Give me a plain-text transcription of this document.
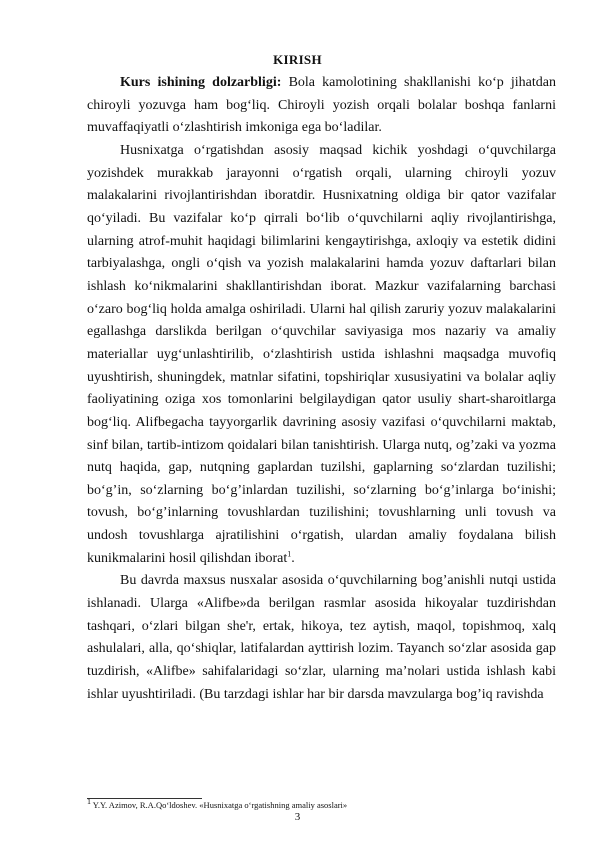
KIRISH

Kurs ishining dolzarbligi: Bola kamolotining shakllanishi ko‘p jihatdan chiroyli yozuvga ham bog‘liq. Chiroyli yozish orqali bolalar boshqa fanlarni muvaffaqiyatli o‘zlashtirish imkoniga ega bo‘ladilar.

Husnixatga o‘rgatishdan asosiy maqsad kichik yoshdagi o‘quvchilarga yozishdek murakkab jarayonni o‘rgatish orqali, ularning chiroyli yozuv malakalarini rivojlantirishdan iboratdir. Husnixatning oldiga bir qator vazifalar qo‘yiladi. Bu vazifalar ko‘p qirrali bo‘lib o‘quvchilarni aqliy rivojlantirishga, ularning atrof-muhit haqidagi bilimlarini kengaytirishga, axloqiy va estetik didini tarbiyalashga, ongli o‘qish va yozish malakalarini hamda yozuv daftarlari bilan ishlash ko‘nikmalarini shakllantirishdan iborat. Mazkur vazifalarning barchasi o‘zaro bog‘liq holda amalga oshiriladi. Ularni hal qilish zaruriy yozuv malakalarini egallashga darslikda berilgan o‘quvchilar saviyasiga mos nazariy va amaliy materiallar uyg‘unlashtirilib, o‘zlashtirish ustida ishlashni maqsadga muvofiq uyushtirish, shuningdek, matnlar sifatini, topshiriqlar xususiyatini va bolalar aqliy faoliyatining oziga xos tomonlarini belgilaydigan qator usuliy shart-sharoitlarga bog‘liq. Alifbegacha tayyorgarlik davrining asosiy vazifasi o‘quvchilarni maktab, sinf bilan, tartib-intizom qoidalari bilan tanishtirish. Ularga nutq, og’zaki va yozma nutq haqida, gap, nutqning gaplardan tuzilshi, gaplarning so‘zlardan tuzilishi; bo‘g’in, so‘zlarning bo‘g’inlardan tuzilishi, so‘zlarning bo‘g’inlarga bo‘inishi; tovush, bo‘g’inlarning tovushlardan tuzilishini; tovushlarning unli tovush va undosh tovushlarga ajratilishini o‘rgatish, ulardan amaliy foydalana bilish kunikmalarini hosil qilishdan iborat$^1$.

Bu davrda maxsus nusxalar asosida o‘quvchilarning bog’anishli nutqi ustida ishlanadi. Ularga «Alifbe»da berilgan rasmlar asosida hikoyalar tuzdirishdan tashqari, o‘zlari bilgan she'r, ertak, hikoya, tez aytish, maqol, topishmoq, xalq ashulalari, alla, qo‘shiqlar, latifalardan ayttirish lozim. Tayanch so‘zlar asosida gap tuzdirish, «Alifbe» sahifalaridagi so‘zlar, ularning ma’nolari ustida ishlash kabi ishlar uyushtiriladi. (Bu tarzdagi ishlar har bir darsda mavzularga bog’iq ravishda

$^1$ Y.Y. Azimov, R.A.Qo‘ldoshev. «Husnixatga o‘rgatishning amaliy asoslari»
3
